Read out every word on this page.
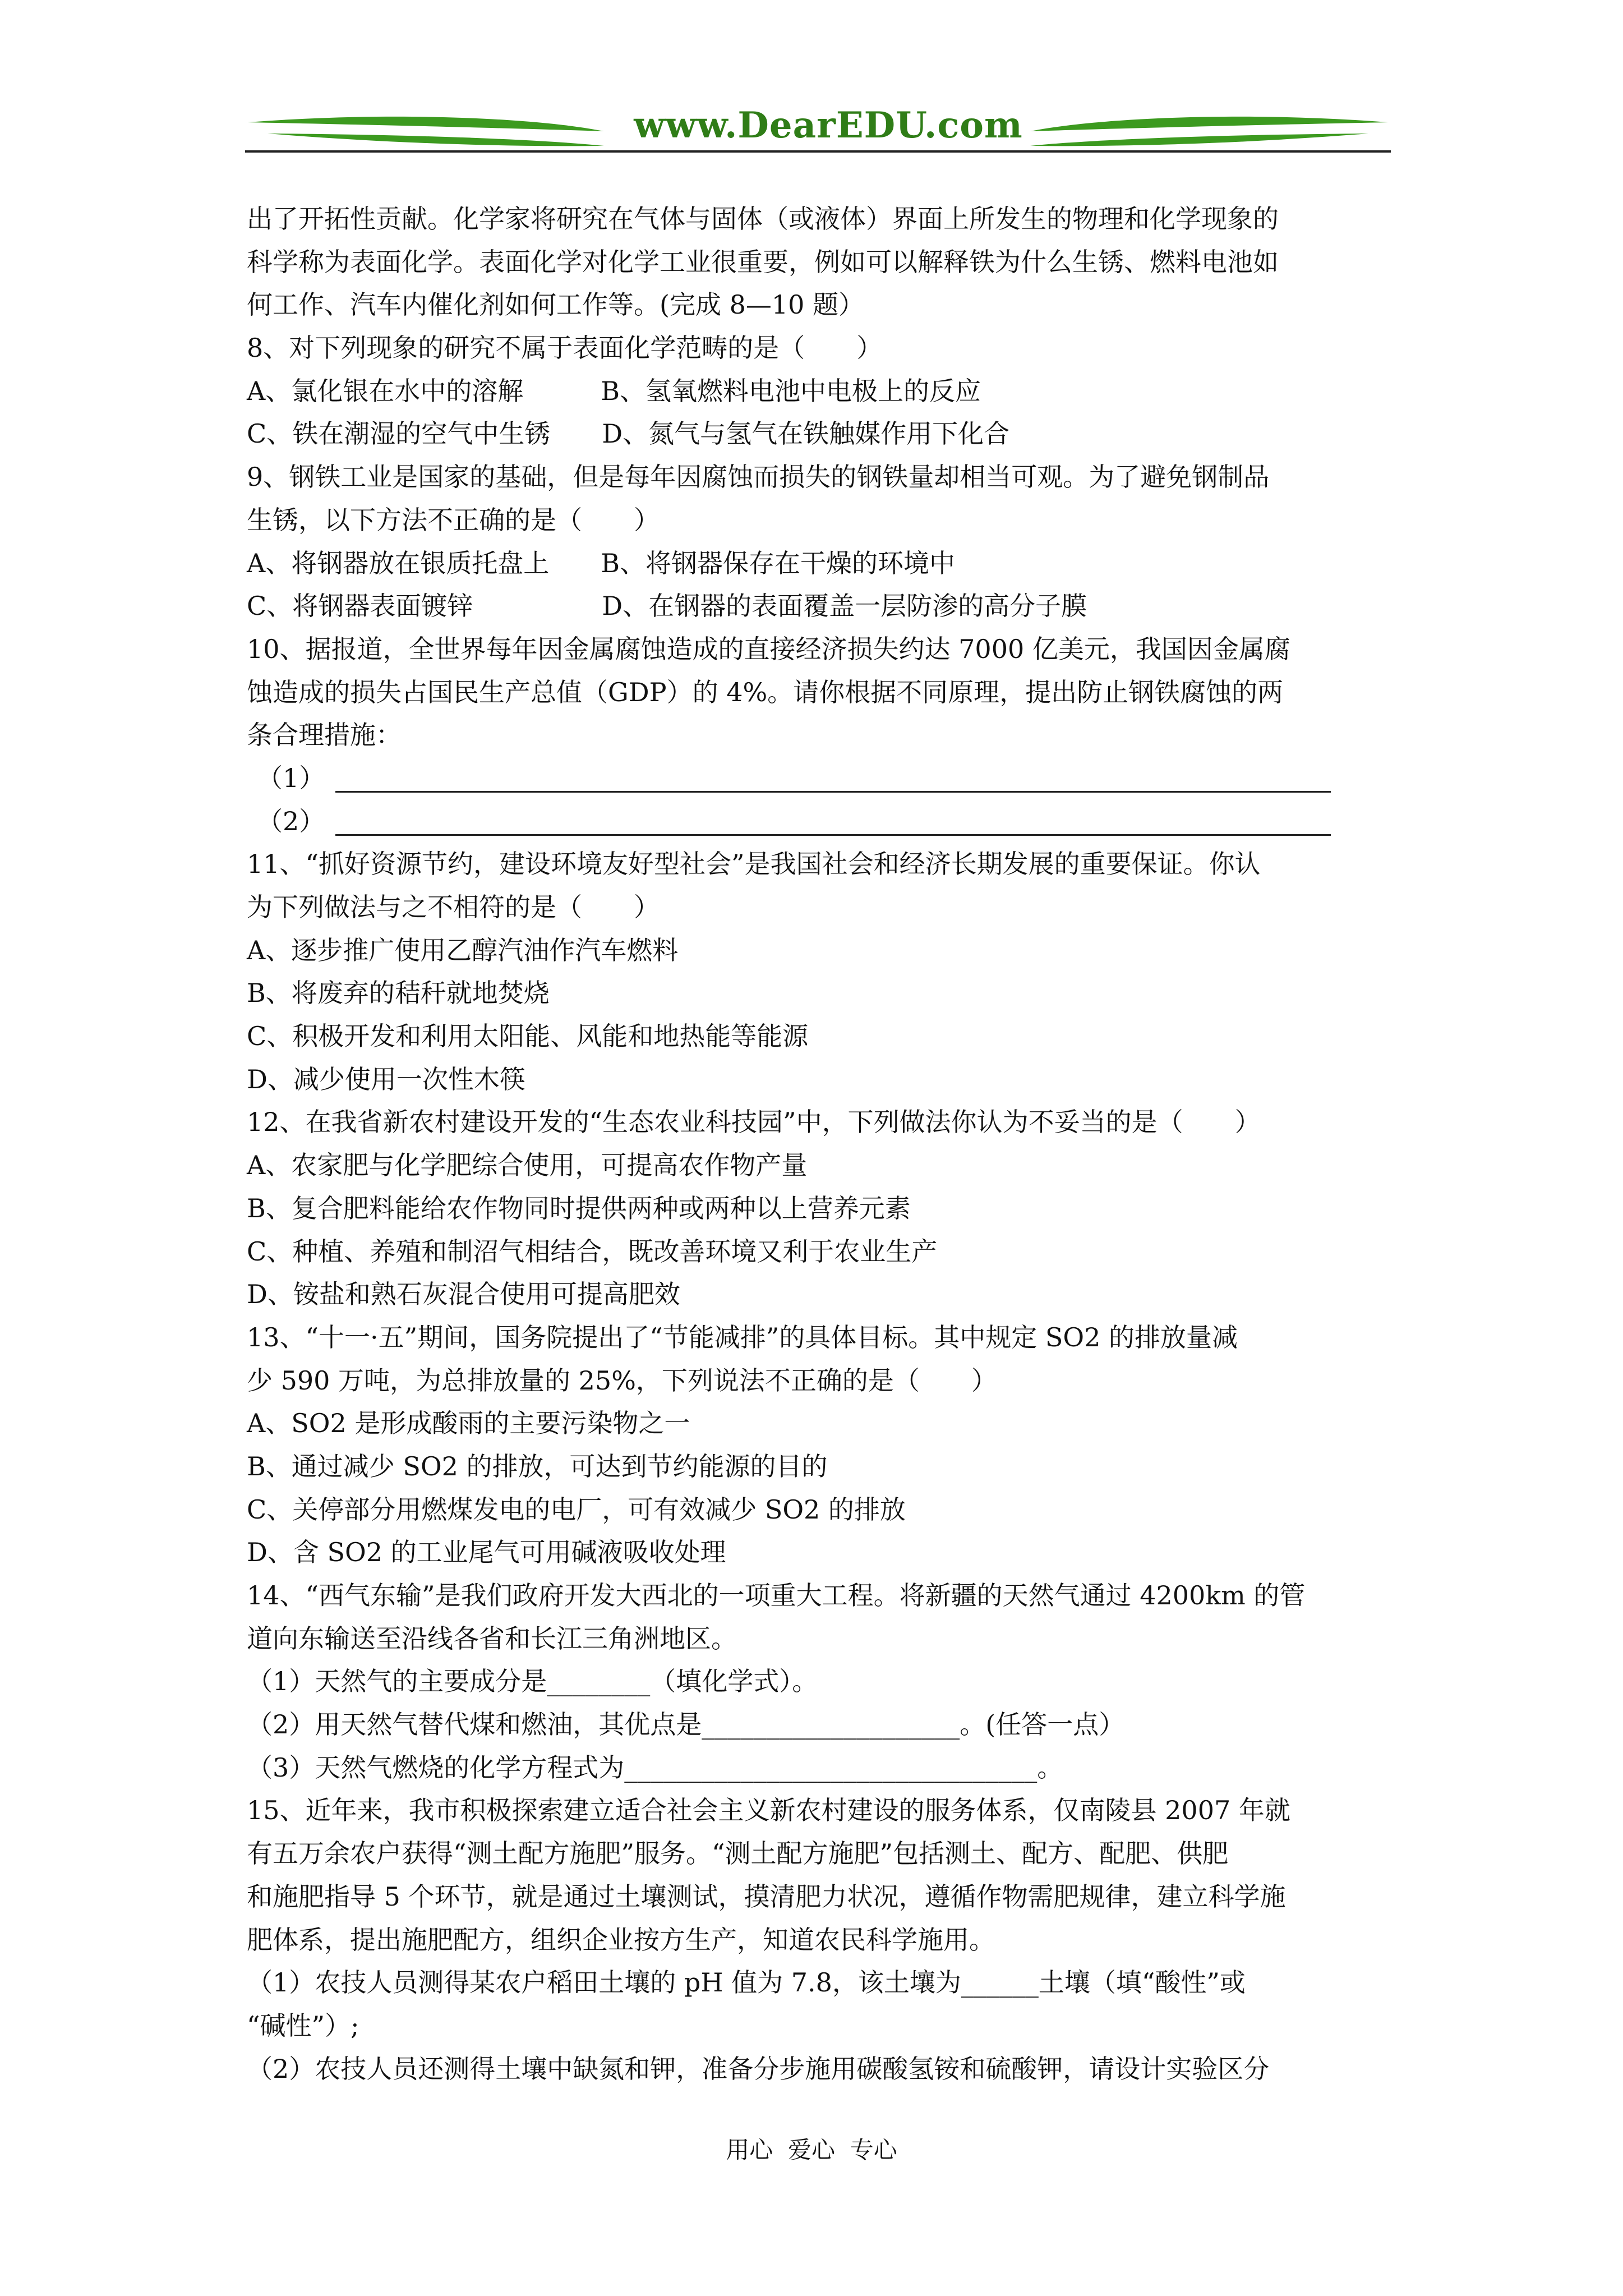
www.DearEDU.com
出了开拓性贡献。化学家将研究在气体与固体（或液体）界面上所发生的物理和化学现象的
科学称为表面化学。表面化学对化学工业很重要，例如可以解释铁为什么生锈、燃料电池如
何工作、汽车内催化剂如何工作等。(完成 8—10 题）
8、对下列现象的研究不属于表面化学范畴的是（　　）
A、氯化银在水中的溶解　　　B、氢氧燃料电池中电极上的反应
C、铁在潮湿的空气中生锈　　D、氮气与氢气在铁触媒作用下化合
9、钢铁工业是国家的基础，但是每年因腐蚀而损失的钢铁量却相当可观。为了避免钢制品
生锈，以下方法不正确的是（　　）
A、将钢器放在银质托盘上　　B、将钢器保存在干燥的环境中
C、将钢器表面镀锌　　　　　D、在钢器的表面覆盖一层防渗的高分子膜
10、据报道，全世界每年因金属腐蚀造成的直接经济损失约达 7000 亿美元，我国因金属腐
蚀造成的损失占国民生产总值（GDP）的 4%。请你根据不同原理，提出防止钢铁腐蚀的两
条合理措施：
（1）
（2）
11、“抓好资源节约，建设环境友好型社会”是我国社会和经济长期发展的重要保证。你认
为下列做法与之不相符的是（　　）
A、逐步推广使用乙醇汽油作汽车燃料
B、将废弃的秸秆就地焚烧
C、积极开发和利用太阳能、风能和地热能等能源
D、减少使用一次性木筷
12、在我省新农村建设开发的“生态农业科技园”中，下列做法你认为不妥当的是（　　）
A、农家肥与化学肥综合使用，可提高农作物产量
B、复合肥料能给农作物同时提供两种或两种以上营养元素
C、种植、养殖和制沼气相结合，既改善环境又利于农业生产
D、铵盐和熟石灰混合使用可提高肥效
13、“十一·五”期间，国务院提出了“节能减排”的具体目标。其中规定 SO2 的排放量减
少 590 万吨，为总排放量的 25%，下列说法不正确的是（　　）
A、SO2 是形成酸雨的主要污染物之一
B、通过减少 SO2 的排放，可达到节约能源的目的
C、关停部分用燃煤发电的电厂，可有效减少 SO2 的排放
D、含 SO2 的工业尾气可用碱液吸收处理
14、“西气东输”是我们政府开发大西北的一项重大工程。将新疆的天然气通过 4200km 的管
道向东输送至沿线各省和长江三角洲地区。
（1）天然气的主要成分是________（填化学式）。
（2）用天然气替代煤和燃油，其优点是____________________。(任答一点）
（3）天然气燃烧的化学方程式为________________________________。
15、近年来，我市积极探索建立适合社会主义新农村建设的服务体系，仅南陵县 2007 年就
有五万余农户获得“测土配方施肥”服务。“测土配方施肥”包括测土、配方、配肥、供肥
和施肥指导 5 个环节，就是通过土壤测试，摸清肥力状况，遵循作物需肥规律，建立科学施
肥体系，提出施肥配方，组织企业按方生产，知道农民科学施用。
（1）农技人员测得某农户稻田土壤的 pH 值为 7.8，该土壤为______土壤（填“酸性”或
“碱性”）;
（2）农技人员还测得土壤中缺氮和钾，准备分步施用碳酸氢铵和硫酸钾，请设计实验区分
用心  爱心  专心
